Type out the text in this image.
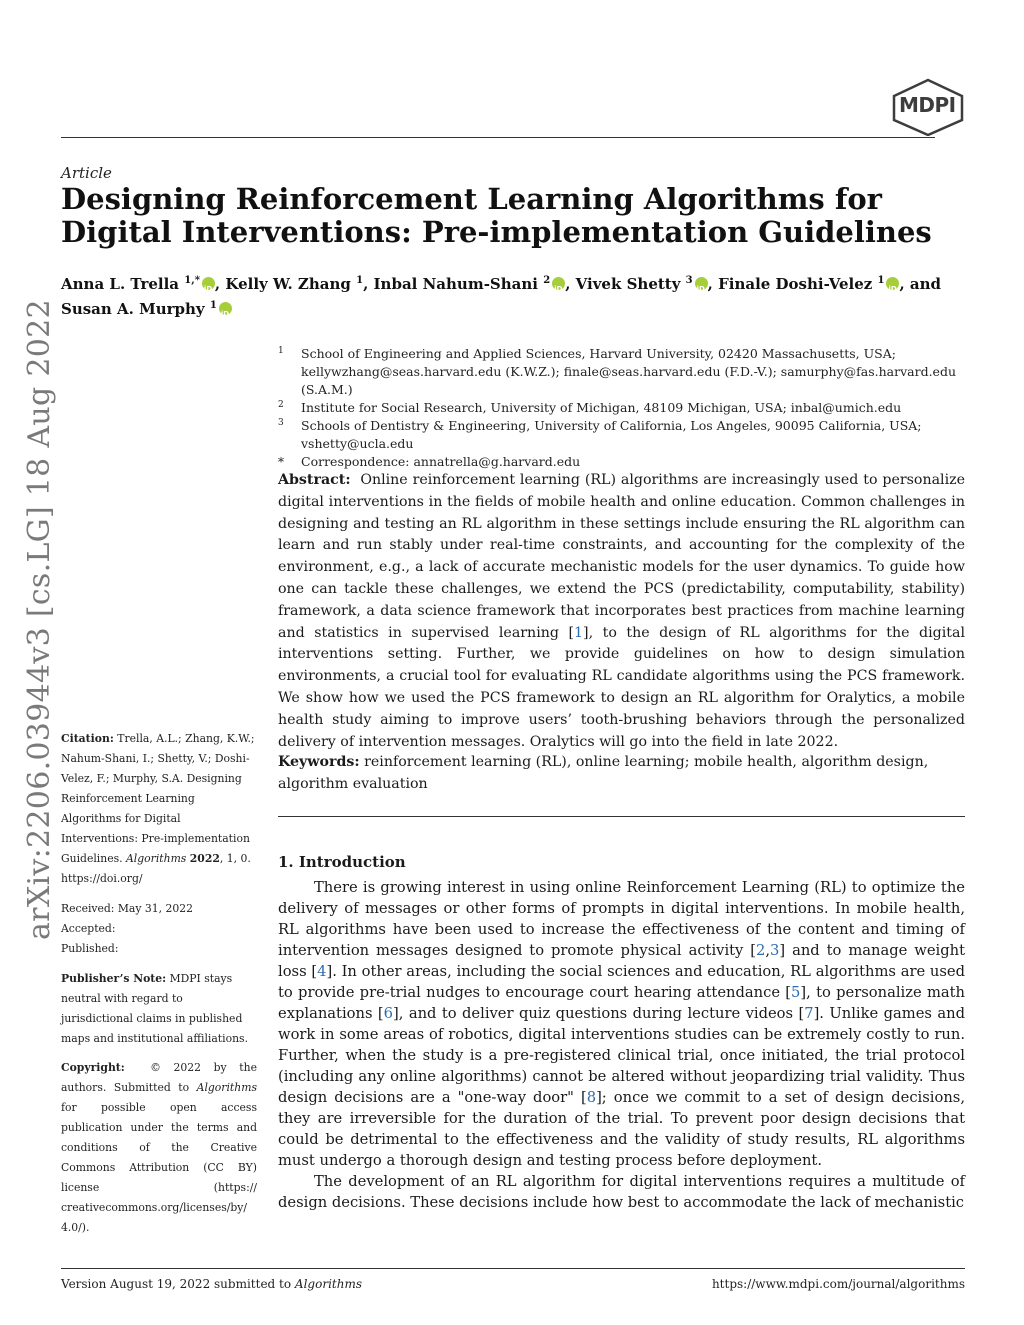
MDPI
Article
Designing Reinforcement Learning Algorithms for Digital Interventions: Pre-implementation Guidelines
Anna L. Trella $^{1,*}$ iD , Kelly W. Zhang $^1$, Inbal Nahum-Shani $^2$ iD , Vivek Shetty $^3$ iD , Finale Doshi-Velez $^1$ iD , and Susan A. Murphy $^1$iD
1 School of Engineering and Applied Sciences, Harvard University, 02420 Massachusetts, USA;
kellywzhang@seas.harvard.edu (K.W.Z.); finale@seas.harvard.edu (F.D.-V.); samurphy@fas.harvard.edu (S.A.M.)
2 Institute for Social Research, University of Michigan, 48109 Michigan, USA; inbal@umich.edu
3 Schools of Dentistry & Engineering, University of California, Los Angeles, 90095 California, USA;
vshetty@ucla.edu
* Correspondence: annatrella@g.harvard.edu
arXiv:2206.03944v3 [cs.LG] 18 Aug 2022	Abstract: Online reinforcement learning (RL) algorithms are increasingly used to personalize digital interventions in the fields of mobile health and online education. Common challenges in designing and testing an RL algorithm in these settings include ensuring the RL algorithm can learn and run stably under real-time constraints, and accounting for the complexity of the environment, e.g., a lack of accurate mechanistic models for the user dynamics. To guide how one can tackle these challenges, we extend the PCS (predictability, computability, stability) framework, a data science framework that incorporates best practices from machine learning and statistics in supervised learning [1], to the design of RL algorithms for the digital interventions setting. Further, we provide guidelines on how to design simulation environments, a crucial tool for evaluating RL candidate algorithms using the PCS framework. We show how we used the PCS framework to design an RL algorithm for Oralytics, a mobile health study aiming to improve users’ tooth-brushing behaviors through the personalized delivery of intervention messages. Oralytics will go into the field in late 2022.
Keywords: reinforcement learning (RL), online learning; mobile health, algorithm design, algorithm evaluation
Citation: Trella, A.L.; Zhang, K.W.; Nahum-Shani, I.; Shetty, V.; Doshi-Velez, F.; Murphy, S.A. Designing Reinforcement Learning Algorithms for Digital Interventions: Pre-implementation Guidelines. Algorithms 2022, 1, 0. https://doi.org/
Received: May 31, 2022
Accepted:
Published:
Publisher’s Note: MDPI stays neutral with regard to jurisdictional claims in published maps and institutional affiliations.
Copyright: © 2022 by the authors. Submitted to Algorithms for possible open access publication under the terms and conditions of the Creative Commons Attribution (CC BY) license (https:// creativecommons.org/licenses/by/ 4.0/).
1. Introduction

There is growing interest in using online Reinforcement Learning (RL) to optimize the delivery of messages or other forms of prompts in digital interventions. In mobile health, RL algorithms have been used to increase the effectiveness of the content and timing of intervention messages designed to promote physical activity [2,3] and to manage weight loss [4]. In other areas, including the social sciences and education, RL algorithms are used to provide pre-trial nudges to encourage court hearing attendance [5], to personalize math explanations [6], and to deliver quiz questions during lecture videos [7]. Unlike games and work in some areas of robotics, digital interventions studies can be extremely costly to run. Further, when the study is a pre-registered clinical trial, once initiated, the trial protocol (including any online algorithms) cannot be altered without jeopardizing trial validity. Thus design decisions are a "one-way door" [8]; once we commit to a set of design decisions, they are irreversible for the duration of the trial. To prevent poor design decisions that could be detrimental to the effectiveness and the validity of study results, RL algorithms must undergo a thorough design and testing process before deployment.

The development of an RL algorithm for digital interventions requires a multitude of design decisions. These decisions include how best to accommodate the lack of mechanistic

Version August 19, 2022 submitted to Algorithms	https://www.mdpi.com/journal/algorithms
